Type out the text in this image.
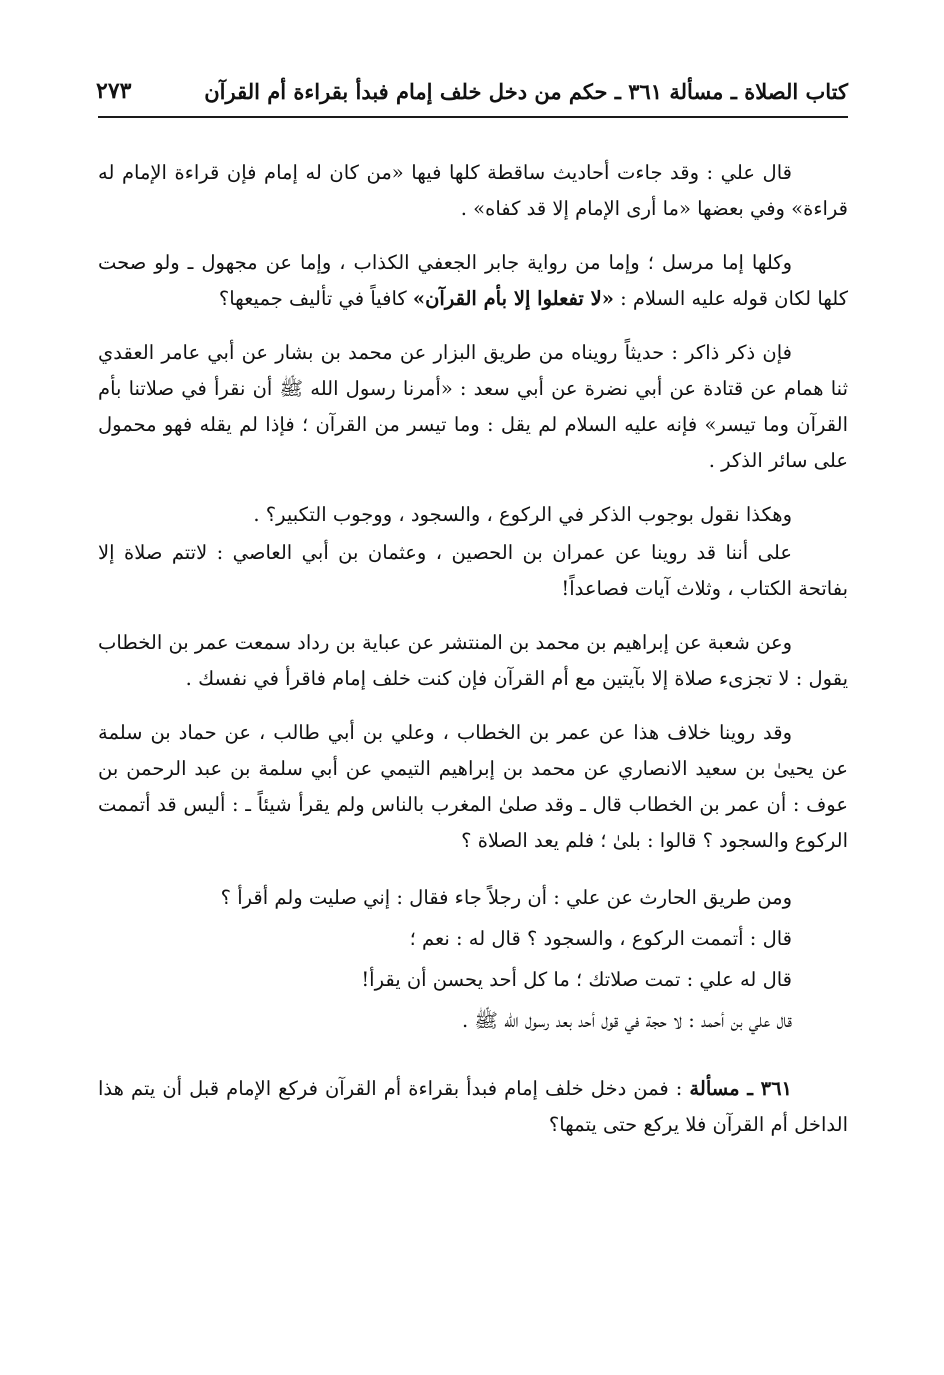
كتاب الصلاة ـ مسألة ٣٦١ ـ حكم من دخل خلف إمام فبدأ بقراءة أم القرآن
٢٧٣

قال علي : وقد جاءت أحاديث ساقطة كلها فيها «من كان له إمام فإن قراءة الإمام له قراءة» وفي بعضها «ما أرى الإمام إلا قد كفاه» .

وكلها إما مرسل ؛ وإما من رواية جابر الجعفي الكذاب ، وإما عن مجهول ـ ولو صحت كلها لكان قوله عليه السلام : «لا تفعلوا إلا بأم القرآن» كافياً في تأليف جميعها؟

فإن ذكر ذاكر : حديثاً رويناه من طريق البزار عن محمد بن بشار عن أبي عامر العقدي ثنا همام عن قتادة عن أبي نضرة عن أبي سعد : «أمرنا رسول الله ﷺ أن نقرأ في صلاتنا بأم القرآن وما تيسر» فإنه عليه السلام لم يقل : وما تيسر من القرآن ؛ فإذا لم يقله فهو محمول على سائر الذكر .

وهكذا نقول بوجوب الذكر في الركوع ، والسجود ، ووجوب التكبير؟ .

على أننا قد روينا عن عمران بن الحصين ، وعثمان بن أبي العاصي : لاتتم صلاة إلا بفاتحة الكتاب ، وثلاث آيات فصاعداً!

وعن شعبة عن إبراهيم بن محمد بن المنتشر عن عباية بن رداد سمعت عمر بن الخطاب يقول : لا تجزىء صلاة إلا بآيتين مع أم القرآن فإن كنت خلف إمام فاقرأ في نفسك .

وقد روينا خلاف هذا عن عمر بن الخطاب ، وعلي بن أبي طالب ، عن حماد بن سلمة عن يحيىٰ بن سعيد الانصاري عن محمد بن إبراهيم التيمي عن أبي سلمة بن عبد الرحمن بن عوف : أن عمر بن الخطاب قال ـ وقد صلىٰ المغرب بالناس ولم يقرأ شيئاً ـ : أليس قد أتممت الركوع والسجود ؟ قالوا : بلىٰ ؛ فلم يعد الصلاة ؟

ومن طريق الحارث عن علي : أن رجلاً جاء فقال : إني صليت ولم أقرأ ؟

قال : أتممت الركوع ، والسجود ؟ قال له : نعم ؛

قال له علي : تمت صلاتك ؛ ما كل أحد يحسن أن يقرأ!

قال علي بن أحمد : لا حجة في قول أحد بعد رسول الله ﷺ .

٣٦١ ـ مسألة : فمن دخل خلف إمام فبدأ بقراءة أم القرآن فركع الإمام قبل أن يتم هذا الداخل أم القرآن فلا يركع حتى يتمها؟
